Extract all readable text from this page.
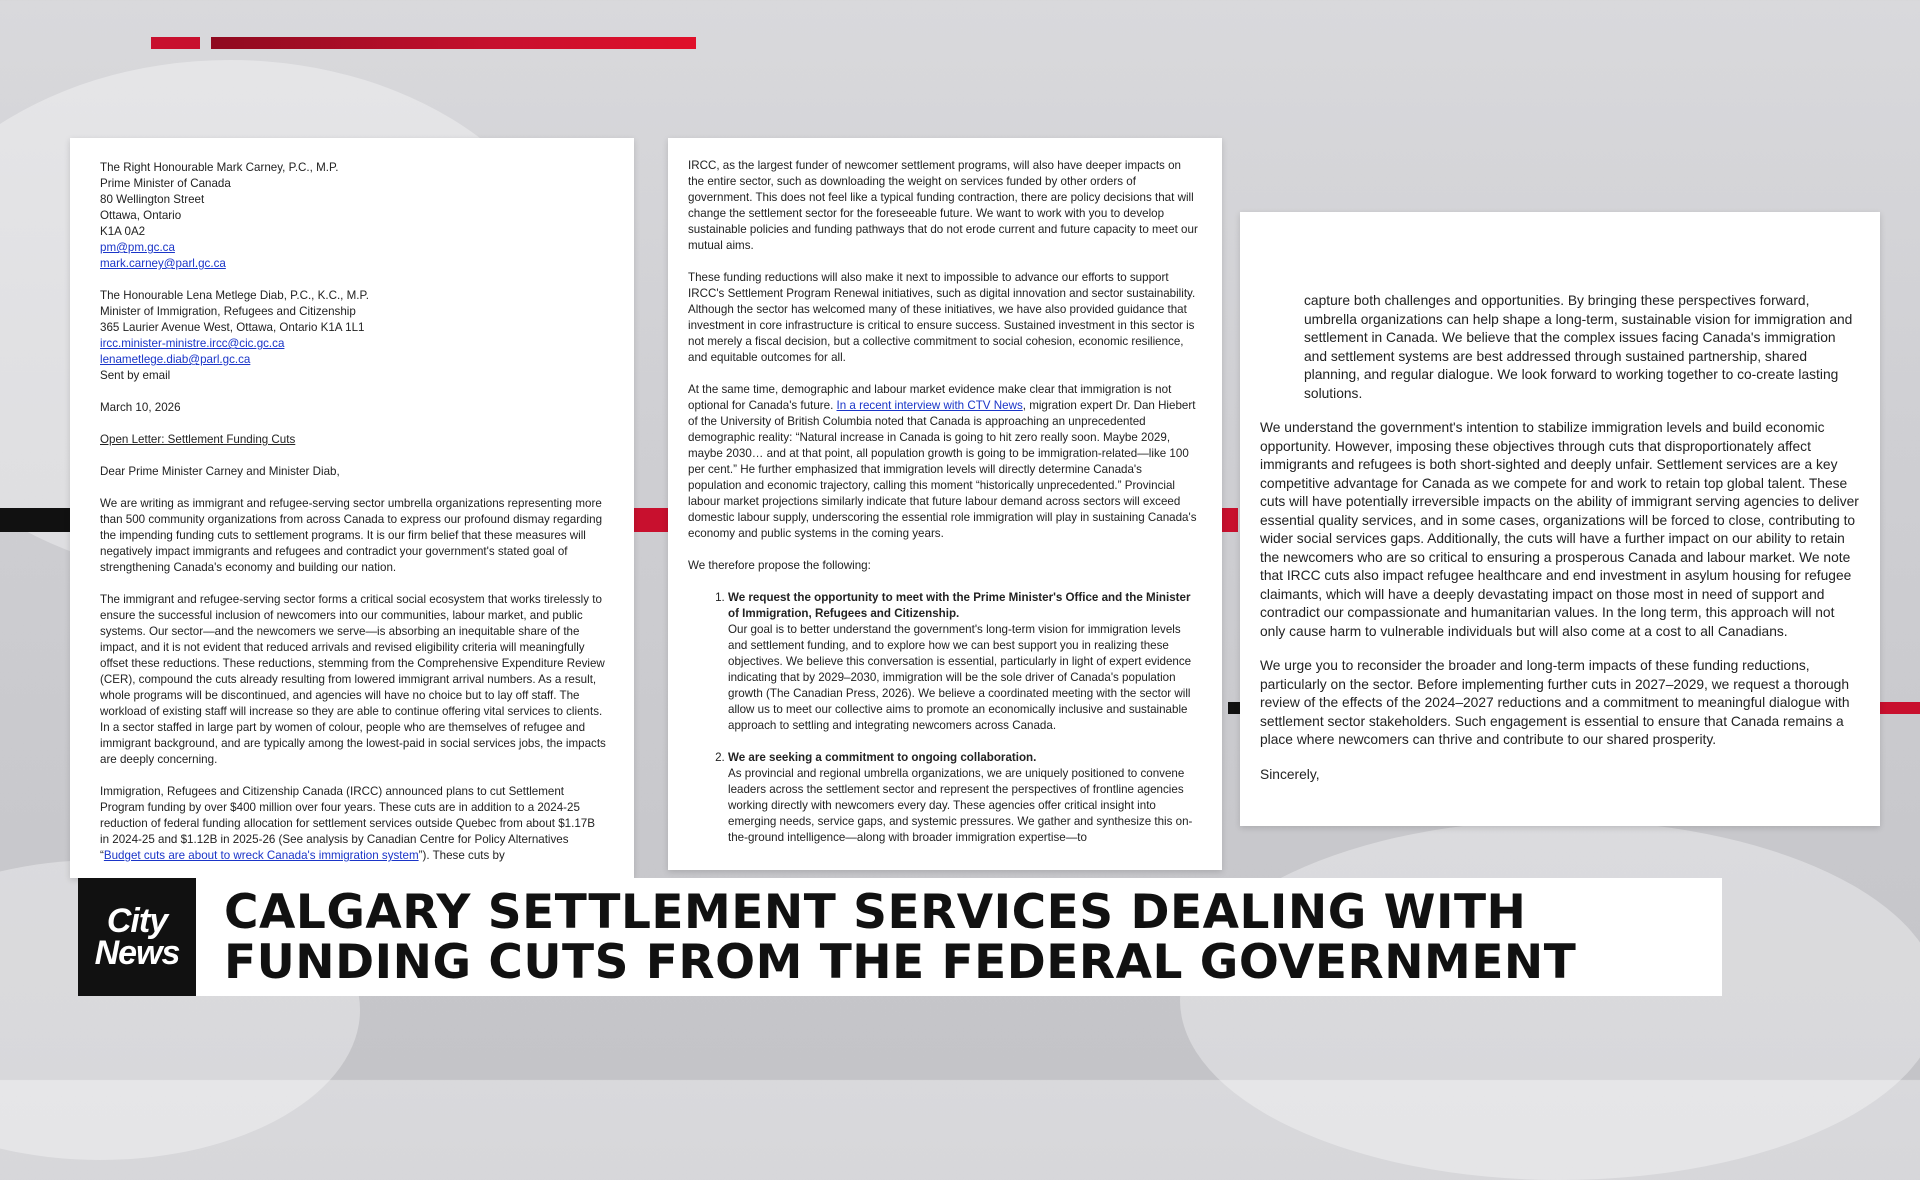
The Right Honourable Mark Carney, P.C., M.P.
Prime Minister of Canada
80 Wellington Street
Ottawa, Ontario
K1A 0A2
pm@pm.gc.ca
mark.carney@parl.gc.ca
The Honourable Lena Metlege Diab, P.C., K.C., M.P.
Minister of Immigration, Refugees and Citizenship
365 Laurier Avenue West, Ottawa, Ontario K1A 1L1
ircc.minister-ministre.ircc@cic.gc.ca
lenametlege.diab@parl.gc.ca
Sent by email

March 10, 2026

Open Letter: Settlement Funding Cuts

Dear Prime Minister Carney and Minister Diab,

We are writing as immigrant and refugee-serving sector umbrella organizations representing more than 500 community organizations from across Canada to express our profound dismay regarding the impending funding cuts to settlement programs. It is our firm belief that these measures will negatively impact immigrants and refugees and contradict your government's stated goal of strengthening Canada's economy and building our nation.

The immigrant and refugee-serving sector forms a critical social ecosystem that works tirelessly to ensure the successful inclusion of newcomers into our communities, labour market, and public systems. Our sector—and the newcomers we serve—is absorbing an inequitable share of the impact, and it is not evident that reduced arrivals and revised eligibility criteria will meaningfully offset these reductions. These reductions, stemming from the Comprehensive Expenditure Review (CER), compound the cuts already resulting from lowered immigrant arrival numbers. As a result, whole programs will be discontinued, and agencies will have no choice but to lay off staff. The workload of existing staff will increase so they are able to continue offering vital services to clients. In a sector staffed in large part by women of colour, people who are themselves of refugee and immigrant background, and are typically among the lowest-paid in social services jobs, the impacts are deeply concerning.

Immigration, Refugees and Citizenship Canada (IRCC) announced plans to cut Settlement Program funding by over $400 million over four years. These cuts are in addition to a 2024-25 reduction of federal funding allocation for settlement services outside Quebec from about $1.17B in 2024-25 and $1.12B in 2025-26 (See analysis by Canadian Centre for Policy Alternatives “Budget cuts are about to wreck Canada's immigration system”). These cuts by

IRCC, as the largest funder of newcomer settlement programs, will also have deeper impacts on the entire sector, such as downloading the weight on services funded by other orders of government. This does not feel like a typical funding contraction, there are policy decisions that will change the settlement sector for the foreseeable future. We want to work with you to develop sustainable policies and funding pathways that do not erode current and future capacity to meet our mutual aims.

These funding reductions will also make it next to impossible to advance our efforts to support IRCC's Settlement Program Renewal initiatives, such as digital innovation and sector sustainability. Although the sector has welcomed many of these initiatives, we have also provided guidance that investment in core infrastructure is critical to ensure success. Sustained investment in this sector is not merely a fiscal decision, but a collective commitment to social cohesion, economic resilience, and equitable outcomes for all.

At the same time, demographic and labour market evidence make clear that immigration is not optional for Canada's future. In a recent interview with CTV News, migration expert Dr. Dan Hiebert of the University of British Columbia noted that Canada is approaching an unprecedented demographic reality: “Natural increase in Canada is going to hit zero really soon. Maybe 2029, maybe 2030… and at that point, all population growth is going to be immigration-related—like 100 per cent.” He further emphasized that immigration levels will directly determine Canada's population and economic trajectory, calling this moment “historically unprecedented.” Provincial labour market projections similarly indicate that future labour demand across sectors will exceed domestic labour supply, underscoring the essential role immigration will play in sustaining Canada's economy and public systems in the coming years.

We therefore propose the following:

1. We request the opportunity to meet with the Prime Minister's Office and the Minister of Immigration, Refugees and Citizenship.
Our goal is to better understand the government's long-term vision for immigration levels and settlement funding, and to explore how we can best support you in realizing these objectives. We believe this conversation is essential, particularly in light of expert evidence indicating that by 2029–2030, immigration will be the sole driver of Canada's population growth (The Canadian Press, 2026). We believe a coordinated meeting with the sector will allow us to meet our collective aims to promote an economically inclusive and sustainable approach to settling and integrating newcomers across Canada.
2. We are seeking a commitment to ongoing collaboration.
As provincial and regional umbrella organizations, we are uniquely positioned to convene leaders across the settlement sector and represent the perspectives of frontline agencies working directly with newcomers every day. These agencies offer critical insight into emerging needs, service gaps, and systemic pressures. We gather and synthesize this on-the-ground intelligence—along with broader immigration expertise—to

capture both challenges and opportunities. By bringing these perspectives forward, umbrella organizations can help shape a long-term, sustainable vision for immigration and settlement in Canada. We believe that the complex issues facing Canada's immigration and settlement systems are best addressed through sustained partnership, shared planning, and regular dialogue. We look forward to working together to co-create lasting solutions.

We understand the government's intention to stabilize immigration levels and build economic opportunity. However, imposing these objectives through cuts that disproportionately affect immigrants and refugees is both short-sighted and deeply unfair. Settlement services are a key competitive advantage for Canada as we compete for and work to retain top global talent. These cuts will have potentially irreversible impacts on the ability of immigrant serving agencies to deliver essential quality services, and in some cases, organizations will be forced to close, contributing to wider social services gaps. Additionally, the cuts will have a further impact on our ability to retain the newcomers who are so critical to ensuring a prosperous Canada and labour market. We note that IRCC cuts also impact refugee healthcare and end investment in asylum housing for refugee claimants, which will have a deeply devastating impact on those most in need of support and contradict our compassionate and humanitarian values. In the long term, this approach will not only cause harm to vulnerable individuals but will also come at a cost to all Canadians.

We urge you to reconsider the broader and long-term impacts of these funding reductions, particularly on the sector. Before implementing further cuts in 2027–2029, we request a thorough review of the effects of the 2024–2027 reductions and a commitment to meaningful dialogue with settlement sector stakeholders. Such engagement is essential to ensure that Canada remains a place where newcomers can thrive and contribute to our shared prosperity.

Sincerely,

City
News
CALGARY SETTLEMENT SERVICES DEALING WITH
FUNDING CUTS FROM THE FEDERAL GOVERNMENT
